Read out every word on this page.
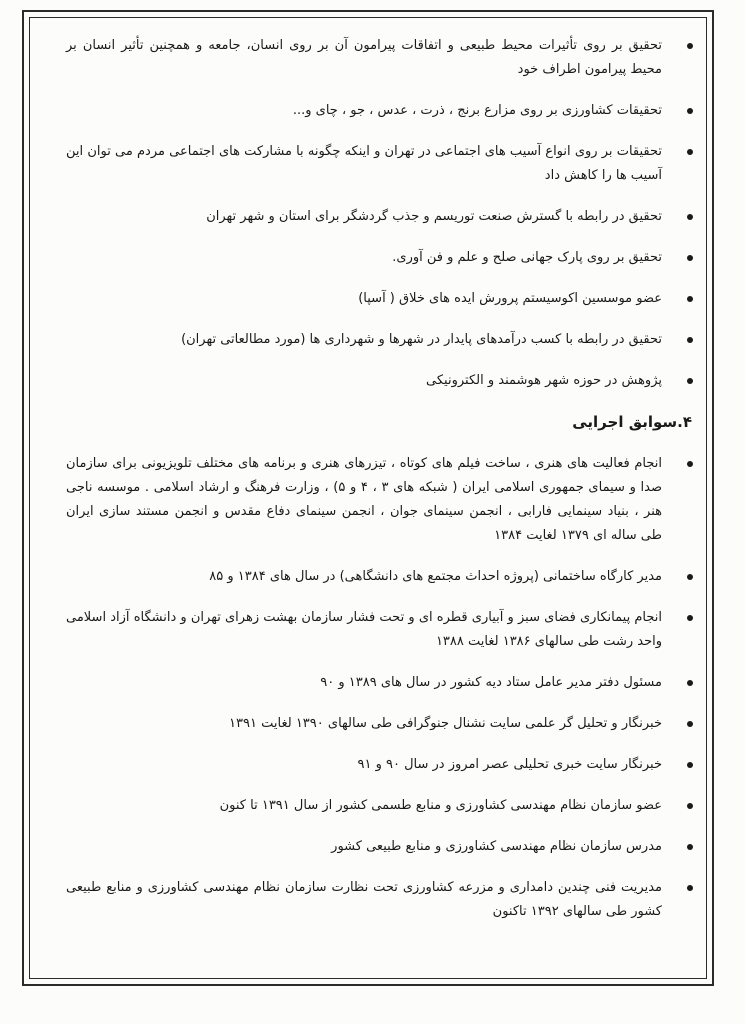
تحقیق بر روی تأثیرات محیط طبیعی و اتفاقات پیرامون آن بر روی انسان، جامعه و همچنین تأثیر انسان بر محیط پیرامون اطراف خود
تحقیقات کشاورزی بر روی مزارع برنج ، ذرت ، عدس ، جو ، چای و...
تحقیقات بر روی انواع آسیب های اجتماعی در تهران و اینکه چگونه با مشارکت های اجتماعی مردم می توان این آسیب ها را کاهش داد
تحقیق در رابطه با گسترش صنعت توریسم و جذب گردشگر برای استان و شهر تهران
تحقیق بر روی پارک جهانی صلح و علم و فن آوری.
عضو موسسین اکوسیستم پرورش ایده های خلاق ( آسپا)
تحقیق در رابطه با کسب درآمدهای پایدار در شهرها و شهرداری ها (مورد مطالعاتی تهران)
پژوهش در حوزه شهر هوشمند و الکترونیکی
۴.سوابق اجرایی
انجام فعالیت های هنری ، ساخت فیلم های کوتاه ، تیزرهای هنری و برنامه های مختلف تلویزیونی برای سازمان صدا و سیمای جمهوری اسلامی ایران ( شبکه های ۳ ، ۴ و ۵) ، وزارت فرهنگ و ارشاد اسلامی . موسسه ناجی هنر ، بنیاد سینمایی فارابی ، انجمن سینمای جوان ، انجمن سینمای دفاع مقدس و انجمن مستند سازی ایران طی ساله ای ۱۳۷۹ لغایت ۱۳۸۴
مدیر کارگاه ساختمانی (پروژه احداث مجتمع های دانشگاهی) در سال های ۱۳۸۴ و ۸۵
انجام پیمانکاری فضای سبز و آبیاری قطره ای و تحت فشار سازمان بهشت زهرای تهران و دانشگاه آزاد اسلامی واحد رشت طی سالهای ۱۳۸۶ لغایت ۱۳۸۸
مسئول دفتر مدیر عامل ستاد دیه کشور در سال های ۱۳۸۹ و ۹۰
خبرنگار و تحلیل گر علمی سایت نشنال جنوگرافی طی سالهای ۱۳۹۰ لغایت ۱۳۹۱
خبرنگار سایت خبری تحلیلی عصر امروز در سال ۹۰ و ۹۱
عضو سازمان نظام مهندسی کشاورزی و منابع طسمی کشور از سال ۱۳۹۱ تا کنون
مدرس سازمان نظام مهندسی کشاورزی و منابع طبیعی کشور
مدیریت فنی چندین دامداری و مزرعه کشاورزی تحت نظارت سازمان نظام مهندسی کشاورزی و منابع طبیعی کشور طی سالهای ۱۳۹۲ تاکنون
